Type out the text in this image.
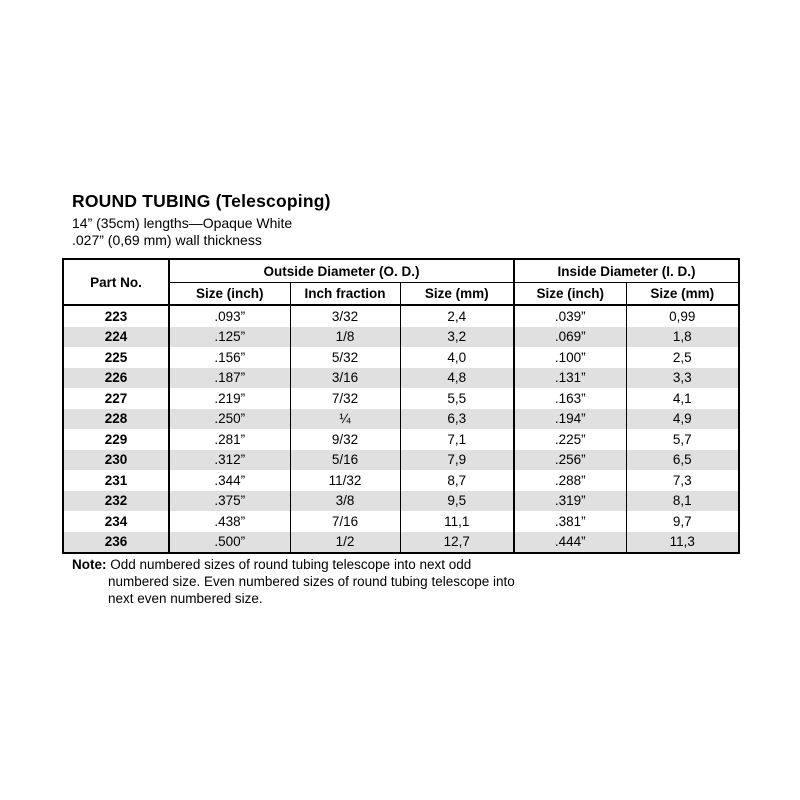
ROUND TUBING (Telescoping)
14” (35cm) lengths—Opaque White
.027” (0,69 mm) wall thickness
Part No.	Outside Diameter (O. D.)			Inside Diameter (I. D.)	
	Size (inch)	Inch fraction	Size (mm)	Size (inch)	Size (mm)
223	.093”	3/32	2,4	.039”	0,99
224	.125”	1/8	3,2	.069”	1,8
225	.156”	5/32	4,0	.100”	2,5
226	.187”	3/16	4,8	.131”	3,3
227	.219”	7/32	5,5	.163”	4,1
228	.250”	¼	6,3	.194”	4,9
229	.281”	9/32	7,1	.225”	5,7
230	.312”	5/16	7,9	.256”	6,5
231	.344”	11/32	8,7	.288”	7,3
232	.375”	3/8	9,5	.319”	8,1
234	.438”	7/16	11,1	.381”	9,7
236	.500”	1/2	12,7	.444”	11,3

Note: Odd numbered sizes of round tubing telescope into next odd numbered size. Even numbered sizes of round tubing telescope into next even numbered size.
